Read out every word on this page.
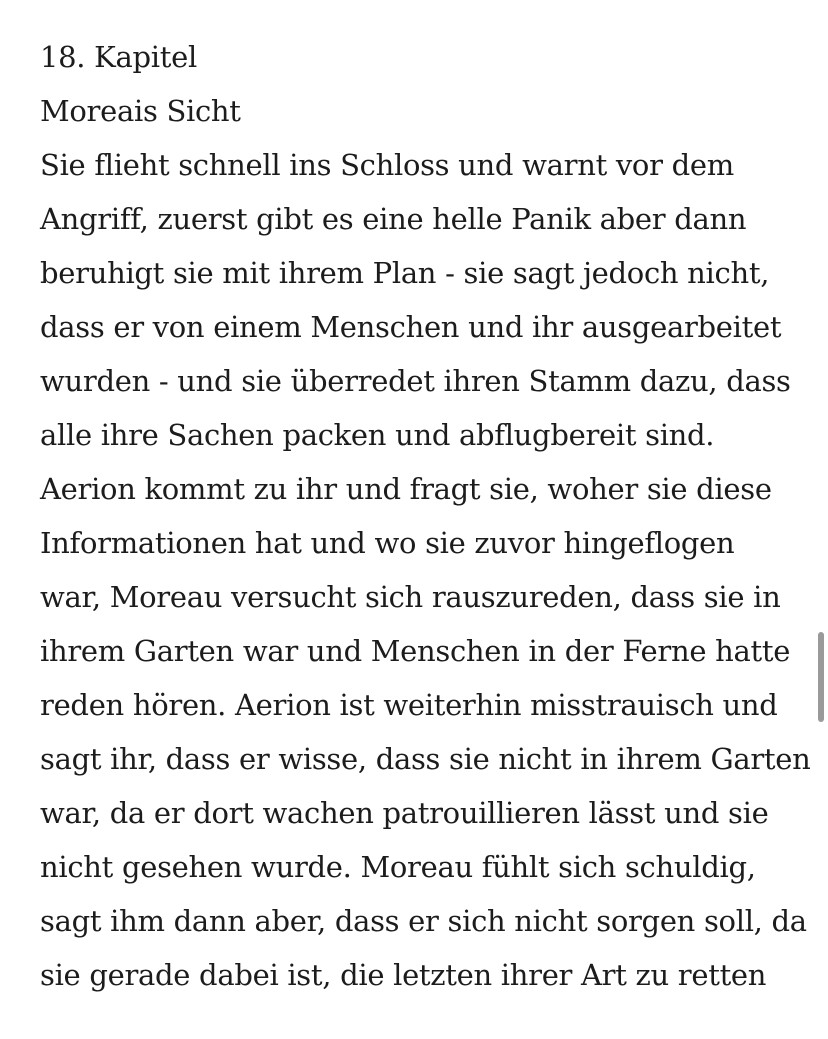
18. Kapitel
Moreais Sicht
Sie flieht schnell ins Schloss und warnt vor dem
Angriff, zuerst gibt es eine helle Panik aber dann
beruhigt sie mit ihrem Plan - sie sagt jedoch nicht,
dass er von einem Menschen und ihr ausgearbeitet
wurden - und sie überredet ihren Stamm dazu, dass
alle ihre Sachen packen und abflugbereit sind.
Aerion kommt zu ihr und fragt sie, woher sie diese
Informationen hat und wo sie zuvor hingeflogen
war, Moreau versucht sich rauszureden, dass sie in
ihrem Garten war und Menschen in der Ferne hatte
reden hören. Aerion ist weiterhin misstrauisch und
sagt ihr, dass er wisse, dass sie nicht in ihrem Garten
war, da er dort wachen patrouillieren lässt und sie
nicht gesehen wurde. Moreau fühlt sich schuldig,
sagt ihm dann aber, dass er sich nicht sorgen soll, da
sie gerade dabei ist, die letzten ihrer Art zu retten
